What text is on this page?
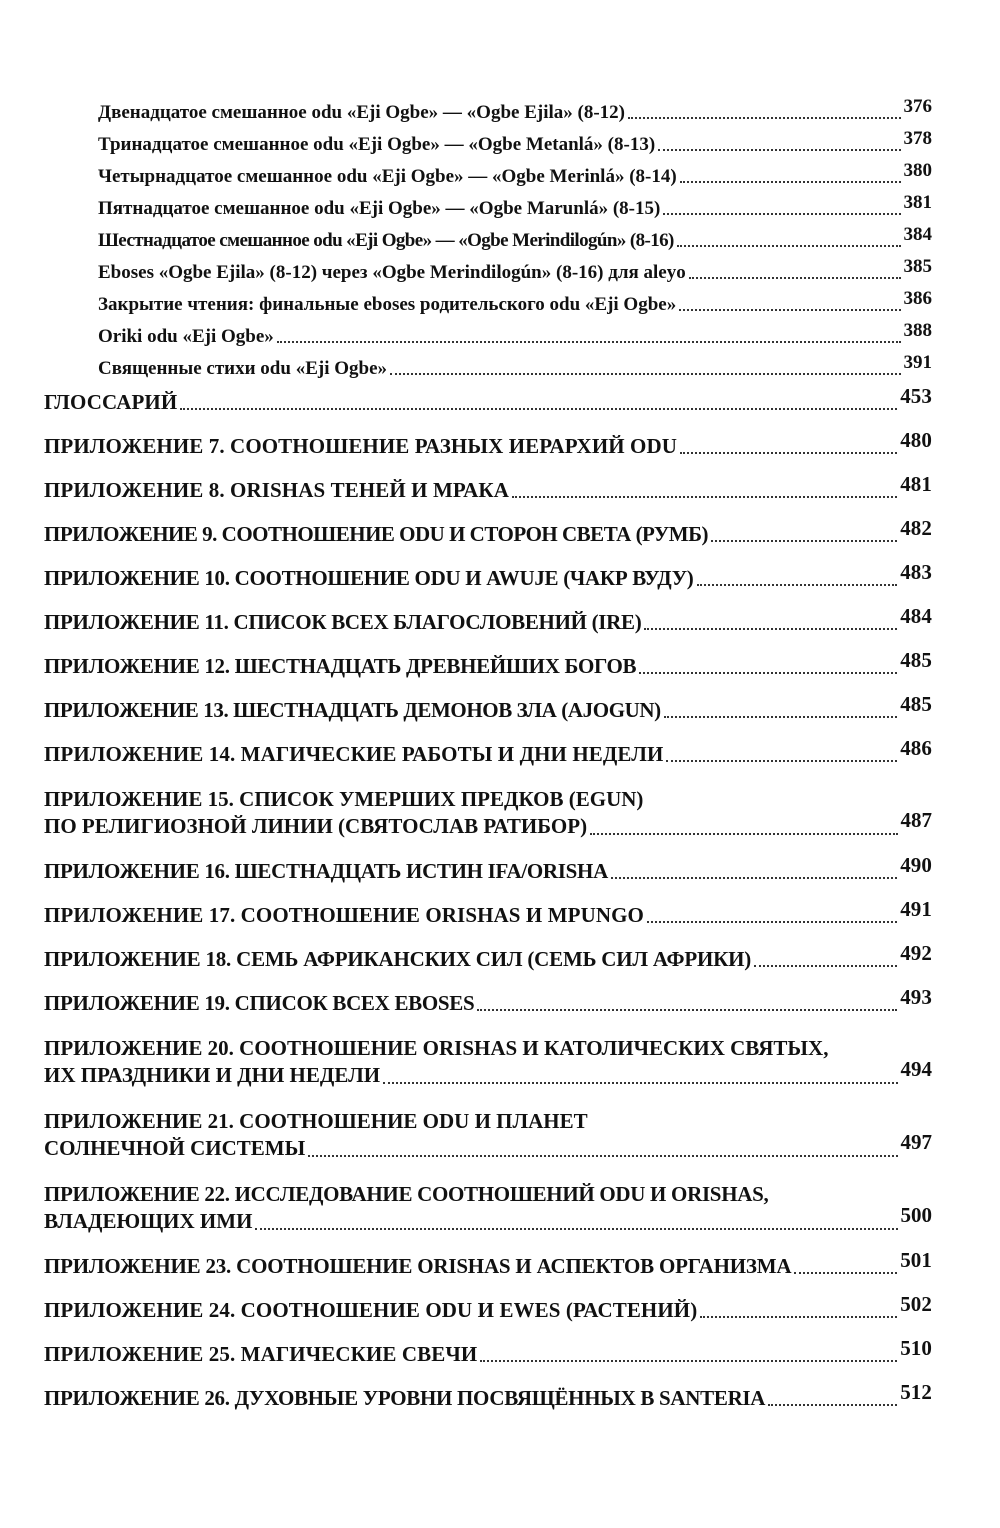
Двенадцатое смешанное odu «Eji Ogbe» — «Ogbe Ejila» (8-12)	376
Тринадцатое смешанное odu «Eji Ogbe» — «Ogbe Metanlá» (8-13)	378
Четырнадцатое смешанное odu «Eji Ogbe» — «Ogbe Merinlá» (8-14)	380
Пятнадцатое смешанное odu «Eji Ogbe» — «Ogbe Marunlá» (8-15)	381
Шестнадцатое смешанное odu «Eji Ogbe» — «Ogbe Merindilogún» (8-16)	384
Eboses «Ogbe Ejila» (8-12) через «Ogbe Merindilogún» (8-16) для aleyo	385
Закрытие чтения: финальные eboses родительского odu «Eji Ogbe»	386
Oriki odu «Eji Ogbe»	388
Священные стихи odu «Eji Ogbe»	391
ГЛОССАРИЙ	453
ПРИЛОЖЕНИЕ 7. СООТНОШЕНИЕ РАЗНЫХ ИЕРАРХИЙ ODU	480
ПРИЛОЖЕНИЕ 8. ORISHAS ТЕНЕЙ И МРАКА	481
ПРИЛОЖЕНИЕ 9. СООТНОШЕНИЕ ODU И СТОРОН СВЕТА (РУМБ)	482
ПРИЛОЖЕНИЕ 10. СООТНОШЕНИЕ ODU И AWUJE (ЧАКР ВУДУ)	483
ПРИЛОЖЕНИЕ 11. СПИСОК ВСЕХ БЛАГОСЛОВЕНИЙ (IRE)	484
ПРИЛОЖЕНИЕ 12. ШЕСТНАДЦАТЬ ДРЕВНЕЙШИХ БОГОВ	485
ПРИЛОЖЕНИЕ 13. ШЕСТНАДЦАТЬ ДЕМОНОВ ЗЛА (AJOGUN)	485
ПРИЛОЖЕНИЕ 14. МАГИЧЕСКИЕ РАБОТЫ И ДНИ НЕДЕЛИ	486
ПРИЛОЖЕНИЕ 15. СПИСОК УМЕРШИХ ПРЕДКОВ (EGUN)
ПО РЕЛИГИОЗНОЙ ЛИНИИ (СВЯТОСЛАВ РАТИБОР)	487
ПРИЛОЖЕНИЕ 16. ШЕСТНАДЦАТЬ ИСТИН IFA/ORISHA	490
ПРИЛОЖЕНИЕ 17. СООТНОШЕНИЕ ORISHAS И MPUNGO	491
ПРИЛОЖЕНИЕ 18. СЕМЬ АФРИКАНСКИХ СИЛ (СЕМЬ СИЛ АФРИКИ)	492
ПРИЛОЖЕНИЕ 19. СПИСОК ВСЕХ EBOSES	493
ПРИЛОЖЕНИЕ 20. СООТНОШЕНИЕ ORISHAS И КАТОЛИЧЕСКИХ СВЯТЫХ,
ИХ ПРАЗДНИКИ И ДНИ НЕДЕЛИ	494
ПРИЛОЖЕНИЕ 21. СООТНОШЕНИЕ ODU И ПЛАНЕТ
СОЛНЕЧНОЙ СИСТЕМЫ	497
ПРИЛОЖЕНИЕ 22. ИССЛЕДОВАНИЕ СООТНОШЕНИЙ ODU И ORISHAS,
ВЛАДЕЮЩИХ ИМИ	500
ПРИЛОЖЕНИЕ 23. СООТНОШЕНИЕ ORISHAS И АСПЕКТОВ ОРГАНИЗМА	501
ПРИЛОЖЕНИЕ 24. СООТНОШЕНИЕ ODU И EWES (РАСТЕНИЙ)	502
ПРИЛОЖЕНИЕ 25. МАГИЧЕСКИЕ СВЕЧИ	510
ПРИЛОЖЕНИЕ 26. ДУХОВНЫЕ УРОВНИ ПОСВЯЩЁННЫХ В SANTERIA	512
